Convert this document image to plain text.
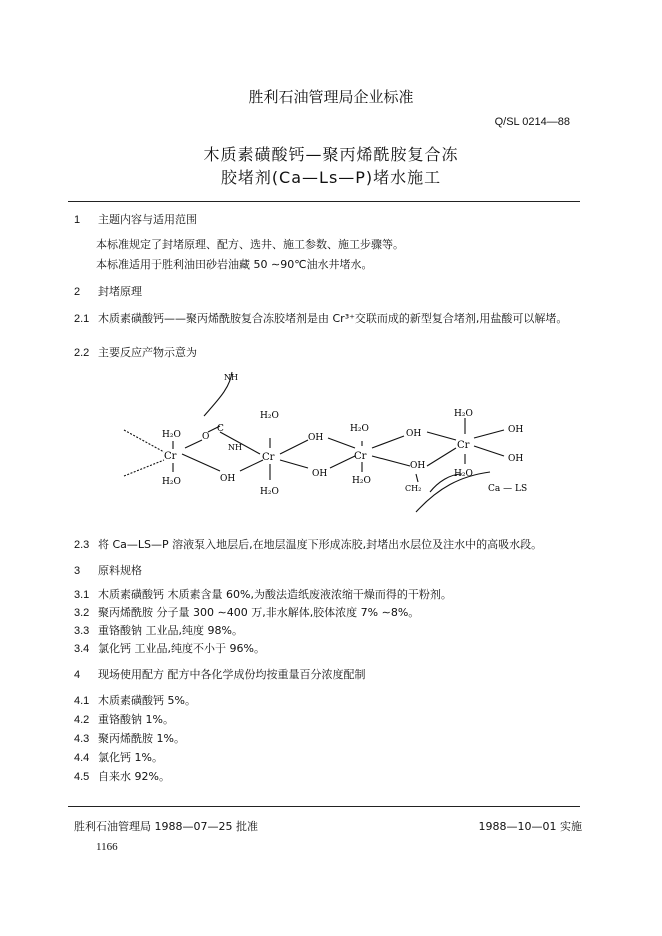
胜利石油管理局企业标准
Q/SL 0214—88
木质素磺酸钙—聚丙烯酰胺复合冻
胶堵剂(Ca—Ls—P)堵水施工
1 主题内容与适用范围
本标准规定了封堵原理、配方、选井、施工参数、施工步骤等。
本标准适用于胜利油田砂岩油藏 50 ∼90℃油水井堵水。
2 封堵原理
2.1 木质素磺酸钙——聚丙烯酰胺复合冻胶堵剂是由 Cr³⁺交联而成的新型复合堵剂,用盐酸可以解堵。
2.2 主要反应产物示意为
NH
O
C
NH
H₂O
Cr
H₂O	OH
H₂O
Cr
H₂O
OH
OH
H₂O
Cr
H₂O
OH
OH
CH₂
H₂O
Cr
H₂O
OH
OH
Ca — LS
2.3 将 Ca—LS—P 溶液泵入地层后,在地层温度下形成冻胶,封堵出水层位及注水中的高吸水段。
3 原料规格
3.1 木质素磺酸钙 木质素含量 60%,为酸法造纸废液浓缩干燥而得的干粉剂。
3.2 聚丙烯酰胺 分子量 300 ∼400 万,非水解体,胶体浓度 7% ∼8%。
3.3 重铬酸钠 工业品,纯度 98%。
3.4 氯化钙 工业品,纯度不小于 96%。
4 现场使用配方 配方中各化学成份均按重量百分浓度配制
4.1 木质素磺酸钙 5%。
4.2 重铬酸钠 1%。
4.3 聚丙烯酰胺 1%。
4.4 氯化钙 1%。
4.5 自来水 92%。
胜利石油管理局 1988—07—25 批准	1988—10—01 实施
1166
